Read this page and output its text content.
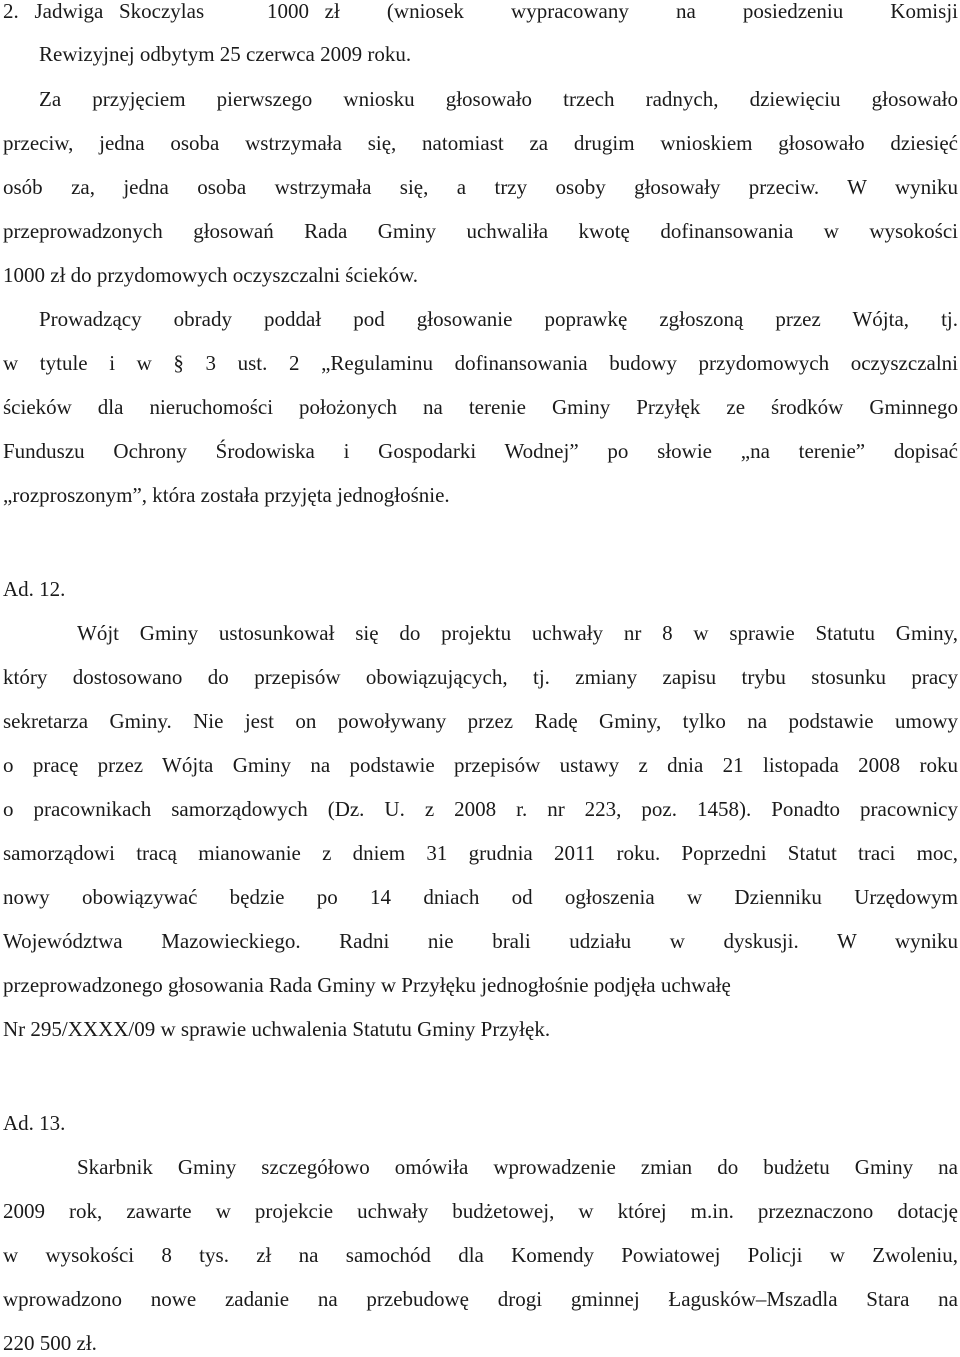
2. Jadwiga Skoczylas    1000 zł   (wniosek   wypracowany   na   posiedzeniu   Komisji
Rewizyjnej odbytym 25 czerwca 2009 roku.
Za przyjęciem pierwszego wniosku głosowało trzech radnych, dziewięciu głosowało
przeciw, jedna osoba wstrzymała się, natomiast za drugim wnioskiem głosowało dziesięć
osób za, jedna osoba wstrzymała się, a trzy osoby głosowały przeciw. W wyniku
przeprowadzonych głosowań Rada Gminy uchwaliła kwotę dofinansowania w wysokości
1000 zł do przydomowych oczyszczalni ścieków.
Prowadzący obrady poddał pod głosowanie poprawkę zgłoszoną przez Wójta, tj.
w tytule i w § 3 ust. 2 „Regulaminu dofinansowania budowy przydomowych oczyszczalni
ścieków dla nieruchomości położonych na terenie Gminy Przyłęk ze środków Gminnego
Funduszu Ochrony Środowiska i Gospodarki Wodnej” po słowie „na terenie” dopisać
„rozproszonym”, która została przyjęta jednogłośnie.
Ad. 12.
Wójt Gminy ustosunkował się do projektu uchwały nr 8 w sprawie Statutu Gminy,
który dostosowano do przepisów obowiązujących, tj. zmiany zapisu trybu stosunku pracy
sekretarza Gminy. Nie jest on powoływany przez Radę Gminy, tylko na podstawie umowy
o pracę przez Wójta Gminy na podstawie przepisów ustawy z dnia 21 listopada 2008 roku
o pracownikach samorządowych (Dz. U. z 2008 r. nr 223, poz. 1458). Ponadto pracownicy
samorządowi tracą mianowanie z dniem 31 grudnia 2011 roku. Poprzedni Statut traci moc,
nowy obowiązywać będzie po 14 dniach od ogłoszenia w Dzienniku Urzędowym
Województwa Mazowieckiego. Radni nie brali udziału w dyskusji. W wyniku
przeprowadzonego głosowania Rada Gminy w Przyłęku jednogłośnie podjęła uchwałę
Nr 295/XXXX/09 w sprawie uchwalenia Statutu Gminy Przyłęk.
Ad. 13.
Skarbnik Gminy szczegółowo omówiła wprowadzenie zmian do budżetu Gminy na
2009 rok, zawarte w projekcie uchwały budżetowej, w której m.in. przeznaczono dotację
w wysokości 8 tys. zł na samochód dla Komendy Powiatowej Policji w Zwoleniu,
wprowadzono nowe zadanie na przebudowę drogi gminnej Łagusków–Mszadla Stara na
220 500 zł.
